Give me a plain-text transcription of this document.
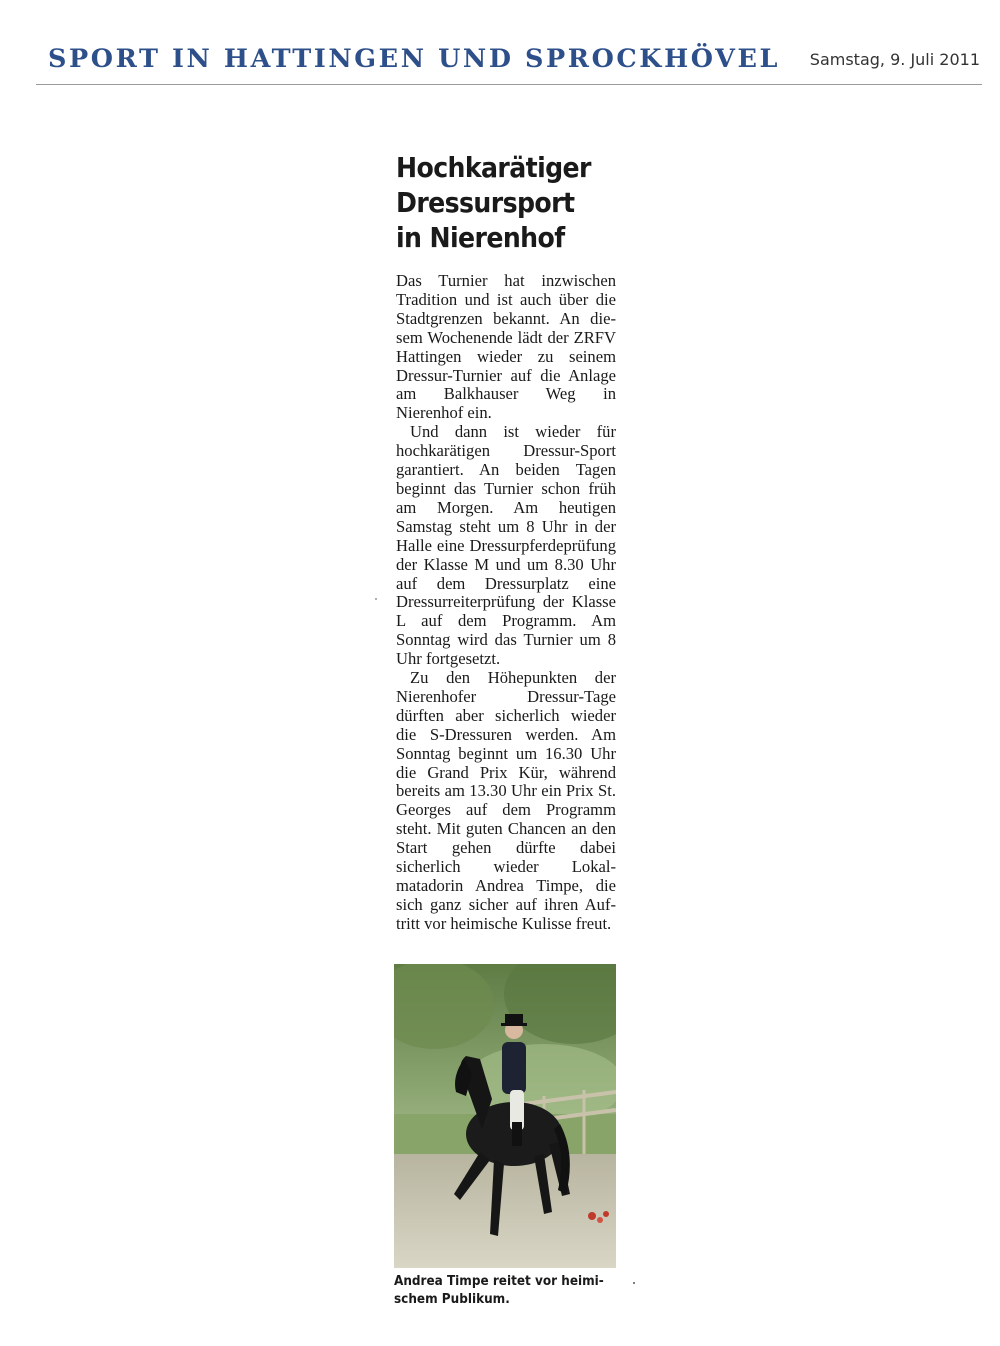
SPORT IN HATTINGEN UND SPROCKHÖVEL Samstag, 9. Juli 2011
Hochkarätiger
Dressursport
in Nierenhof

Das Turnier hat inzwischen Tradition und ist auch über die Stadtgrenzen bekannt. An diesem Wochenende lädt der ZRFV Hattingen wieder zu seinem Dressur-Turnier auf die Anlage am Balkhauser Weg in Nierenhof ein.

Und dann ist wieder für hochkarätigen Dressur-Sport garantiert. An beiden Tagen beginnt das Turnier schon früh am Morgen. Am heutigen Samstag steht um 8 Uhr in der Halle eine Dressurpferdeprüfung der Klasse M und um 8.30 Uhr auf dem Dressurplatz eine Dressurreiterprüfung der Klasse L auf dem Programm. Am Sonntag wird das Turnier um 8 Uhr fortgesetzt.

Zu den Höhepunkten der Nierenhofer Dressur-Tage dürften aber sicherlich wieder die S-Dressuren werden. Am Sonntag beginnt um 16.30 Uhr die Grand Prix Kür, während bereits am 13.30 Uhr ein Prix St. Georges auf dem Programm steht. Mit guten Chancen an den Start gehen dürfte dabei sicherlich wieder Lokalmatadorin Andrea Timpe, die sich ganz sicher auf ihren Auftritt vor heimische Kulisse freut.

Andrea Timpe reitet vor heimischem Publikum.
